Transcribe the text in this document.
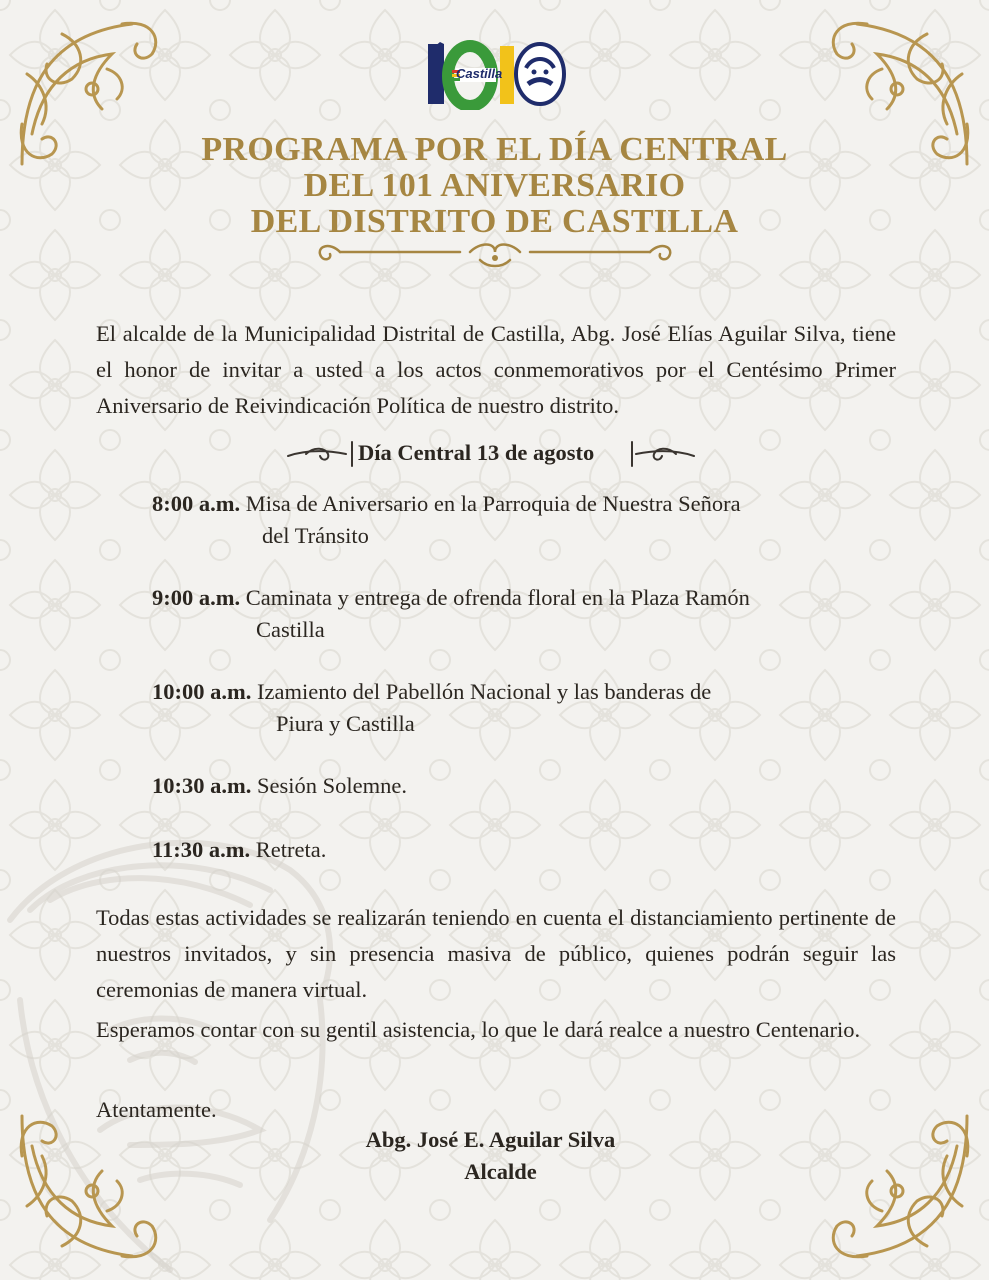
Castilla
PROGRAMA POR EL DÍA CENTRAL
DEL 101 ANIVERSARIO
DEL DISTRITO DE CASTILLA
El alcalde de la Municipalidad Distrital de Castilla, Abg. José Elías Aguilar Silva, tiene el honor de invitar a usted a los actos conmemorativos por el Centésimo Primer Aniversario de Reivindicación Política de nuestro distrito.
Día Central 13 de agosto
8:00 a.m. Misa de Aniversario en la Parroquia de Nuestra Señora
del Tránsito
9:00 a.m. Caminata y entrega de ofrenda floral en la Plaza Ramón
Castilla
10:00 a.m. Izamiento del Pabellón Nacional y las banderas de
Piura y Castilla
10:30 a.m. Sesión Solemne.
11:30 a.m. Retreta.
Todas estas actividades se realizarán teniendo en cuenta el distanciamiento pertinente de nuestros invitados, y sin presencia masiva de público, quienes podrán seguir las ceremonias de manera virtual.
Esperamos contar con su gentil asistencia, lo que le dará realce a nuestro Centenario.
Atentamente.
Abg. José E. Aguilar Silva
Alcalde
